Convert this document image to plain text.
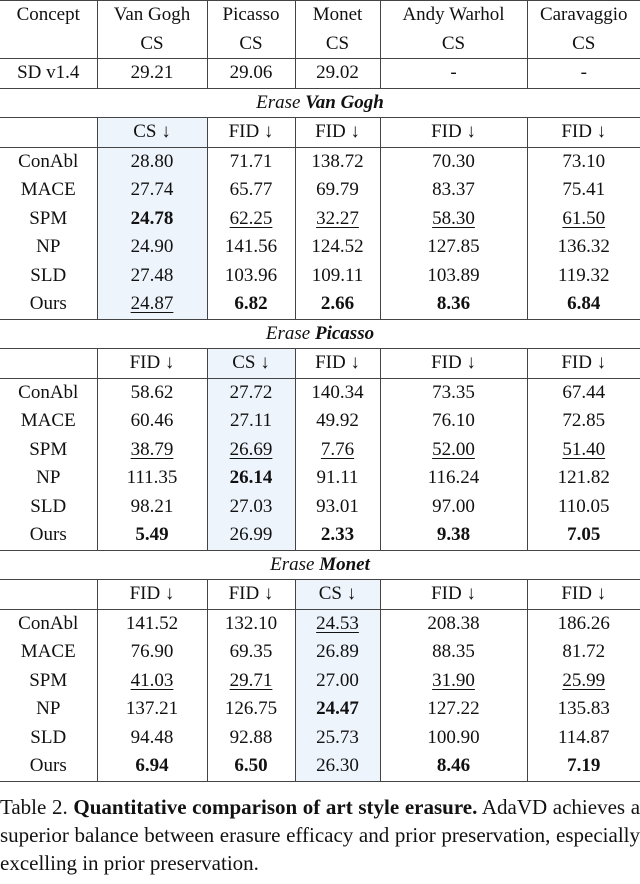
Concept	Van Gogh	Picasso	Monet	Andy Warhol	Caravaggio
	CS	CS	CS	CS	CS
SD v1.4	29.21	29.06	29.02	-	-
Erase Van Gogh					
	CS ↓	FID ↓	FID ↓	FID ↓	FID ↓
ConAbl	28.80	71.71	138.72	70.30	73.10
MACE	27.74	65.77	69.79	83.37	75.41
SPM	24.78	62.25	32.27	58.30	61.50
NP	24.90	141.56	124.52	127.85	136.32
SLD	27.48	103.96	109.11	103.89	119.32
Ours	24.87	6.82	2.66	8.36	6.84
Erase Picasso					
	FID ↓	CS ↓	FID ↓	FID ↓	FID ↓
ConAbl	58.62	27.72	140.34	73.35	67.44
MACE	60.46	27.11	49.92	76.10	72.85
SPM	38.79	26.69	7.76	52.00	51.40
NP	111.35	26.14	91.11	116.24	121.82
SLD	98.21	27.03	93.01	97.00	110.05
Ours	5.49	26.99	2.33	9.38	7.05
Erase Monet					
	FID ↓	FID ↓	CS ↓	FID ↓	FID ↓
ConAbl	141.52	132.10	24.53	208.38	186.26
MACE	76.90	69.35	26.89	88.35	81.72
SPM	41.03	29.71	27.00	31.90	25.99
NP	137.21	126.75	24.47	127.22	135.83
SLD	94.48	92.88	25.73	100.90	114.87
Ours	6.94	6.50	26.30	8.46	7.19
Table 2. Quantitative comparison of art style erasure. AdaVD achieves a superior balance between erasure efficacy and prior preservation, especially excelling in prior preservation.
